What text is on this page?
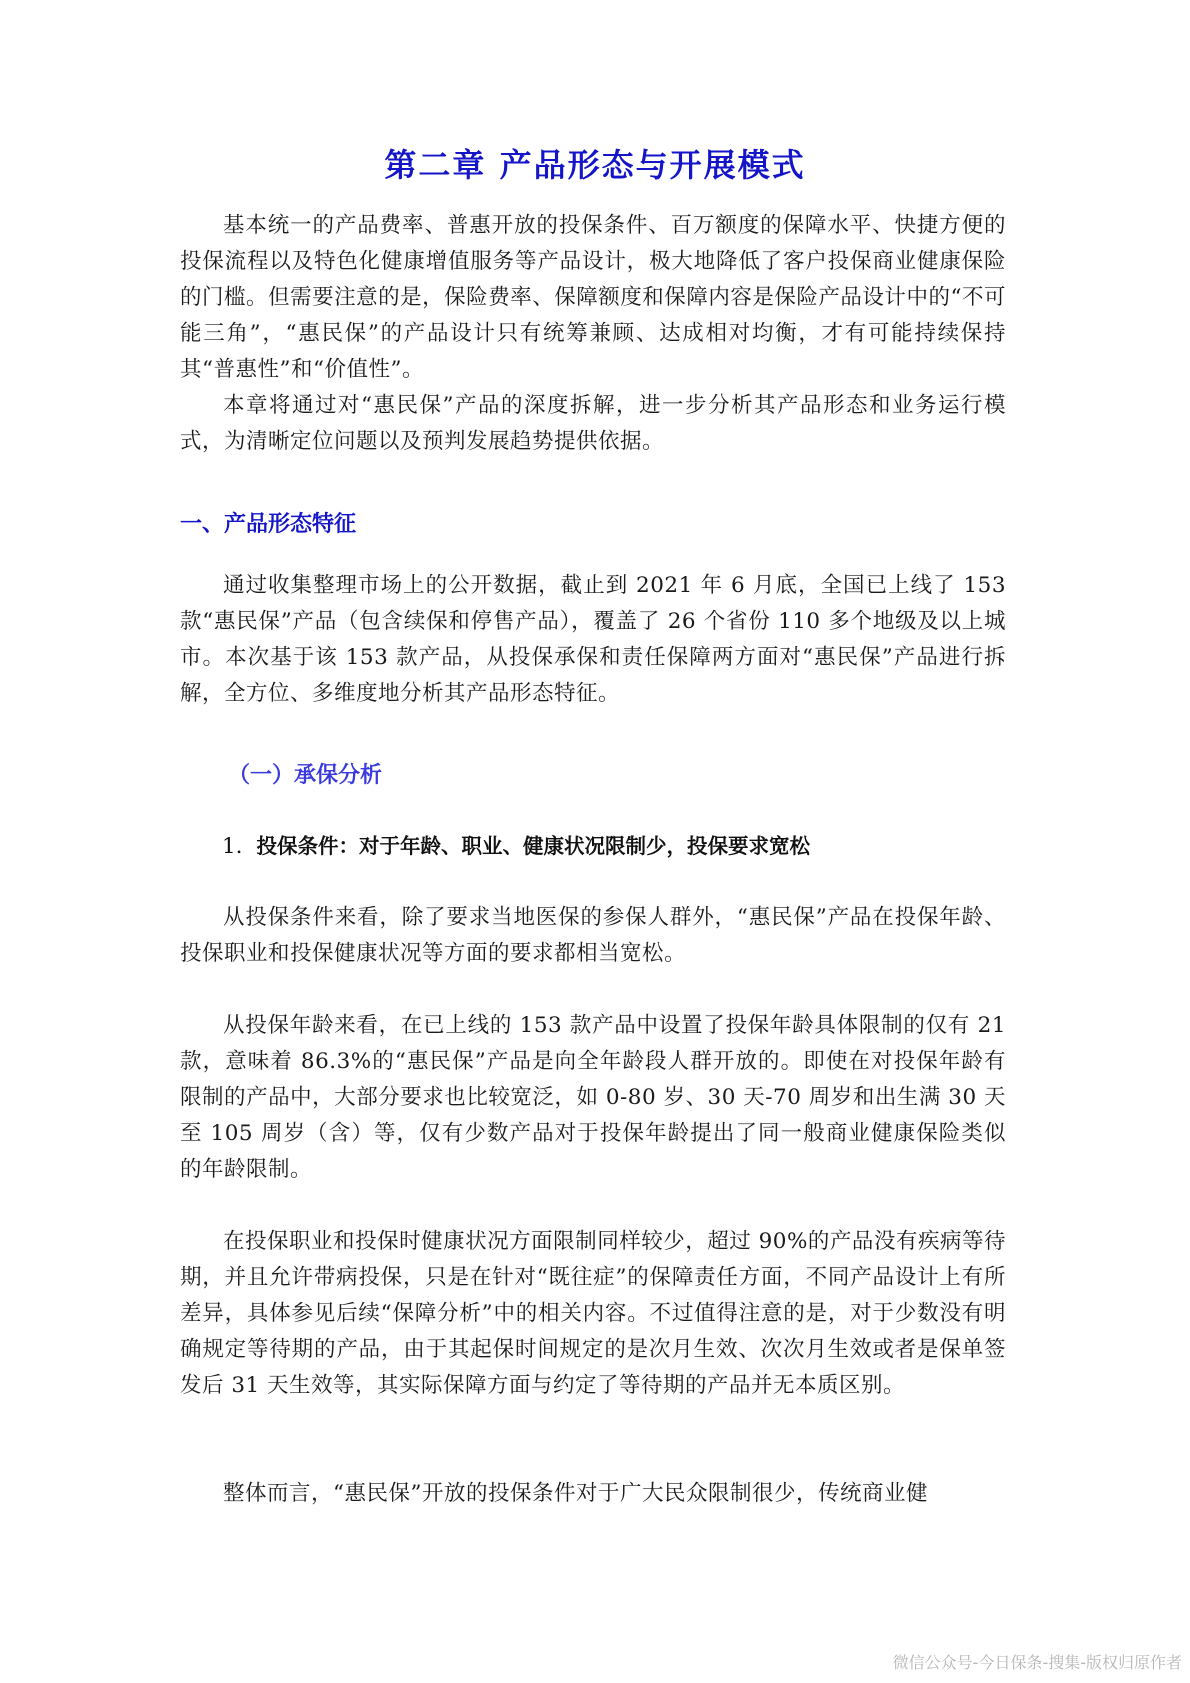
第二章 产品形态与开展模式

基本统一的产品费率、普惠开放的投保条件、百万额度的保障水平、快捷方便的投保流程以及特色化健康增值服务等产品设计，极大地降低了客户投保商业健康保险的门槛。但需要注意的是，保险费率、保障额度和保障内容是保险产品设计中的“不可能三角”，“惠民保”的产品设计只有统筹兼顾、达成相对均衡，才有可能持续保持其“普惠性”和“价值性”。

本章将通过对“惠民保”产品的深度拆解，进一步分析其产品形态和业务运行模式，为清晰定位问题以及预判发展趋势提供依据。

一、产品形态特征

通过收集整理市场上的公开数据，截止到 2021 年 6 月底，全国已上线了 153 款“惠民保”产品（包含续保和停售产品），覆盖了 26 个省份 110 多个地级及以上城市。本次基于该 153 款产品，从投保承保和责任保障两方面对“惠民保”产品进行拆解，全方位、多维度地分析其产品形态特征。

（一）承保分析
1. 投保条件：对于年龄、职业、健康状况限制少，投保要求宽松

从投保条件来看，除了要求当地医保的参保人群外，“惠民保”产品在投保年龄、投保职业和投保健康状况等方面的要求都相当宽松。

从投保年龄来看，在已上线的 153 款产品中设置了投保年龄具体限制的仅有 21 款，意味着 86.3%的“惠民保”产品是向全年龄段人群开放的。即使在对投保年龄有限制的产品中，大部分要求也比较宽泛，如 0-80 岁、30 天-70 周岁和出生满 30 天至 105 周岁（含）等，仅有少数产品对于投保年龄提出了同一般商业健康保险类似的年龄限制。

在投保职业和投保时健康状况方面限制同样较少，超过 90%的产品没有疾病等待期，并且允许带病投保，只是在针对“既往症”的保障责任方面，不同产品设计上有所差异，具体参见后续“保障分析”中的相关内容。不过值得注意的是，对于少数没有明确规定等待期的产品，由于其起保时间规定的是次月生效、次次月生效或者是保单签发后 31 天生效等，其实际保障方面与约定了等待期的产品并无本质区别。

整体而言，“惠民保”开放的投保条件对于广大民众限制很少，传统商业健

微信公众号-今日保条-搜集-版权归原作者
